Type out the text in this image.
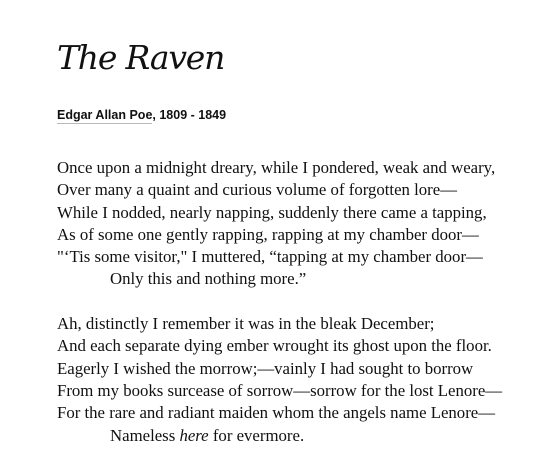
The Raven
Edgar Allan Poe, 1809 - 1849
Once upon a midnight dreary, while I pondered, weak and weary,
Over many a quaint and curious volume of forgotten lore—
While I nodded, nearly napping, suddenly there came a tapping,
As of some one gently rapping, rapping at my chamber door—
"‘Tis some visitor," I muttered, “tapping at my chamber door—
Only this and nothing more.”
Ah, distinctly I remember it was in the bleak December;
And each separate dying ember wrought its ghost upon the floor.
Eagerly I wished the morrow;—vainly I had sought to borrow
From my books surcease of sorrow—sorrow for the lost Lenore—
For the rare and radiant maiden whom the angels name Lenore—
Nameless here for evermore.
